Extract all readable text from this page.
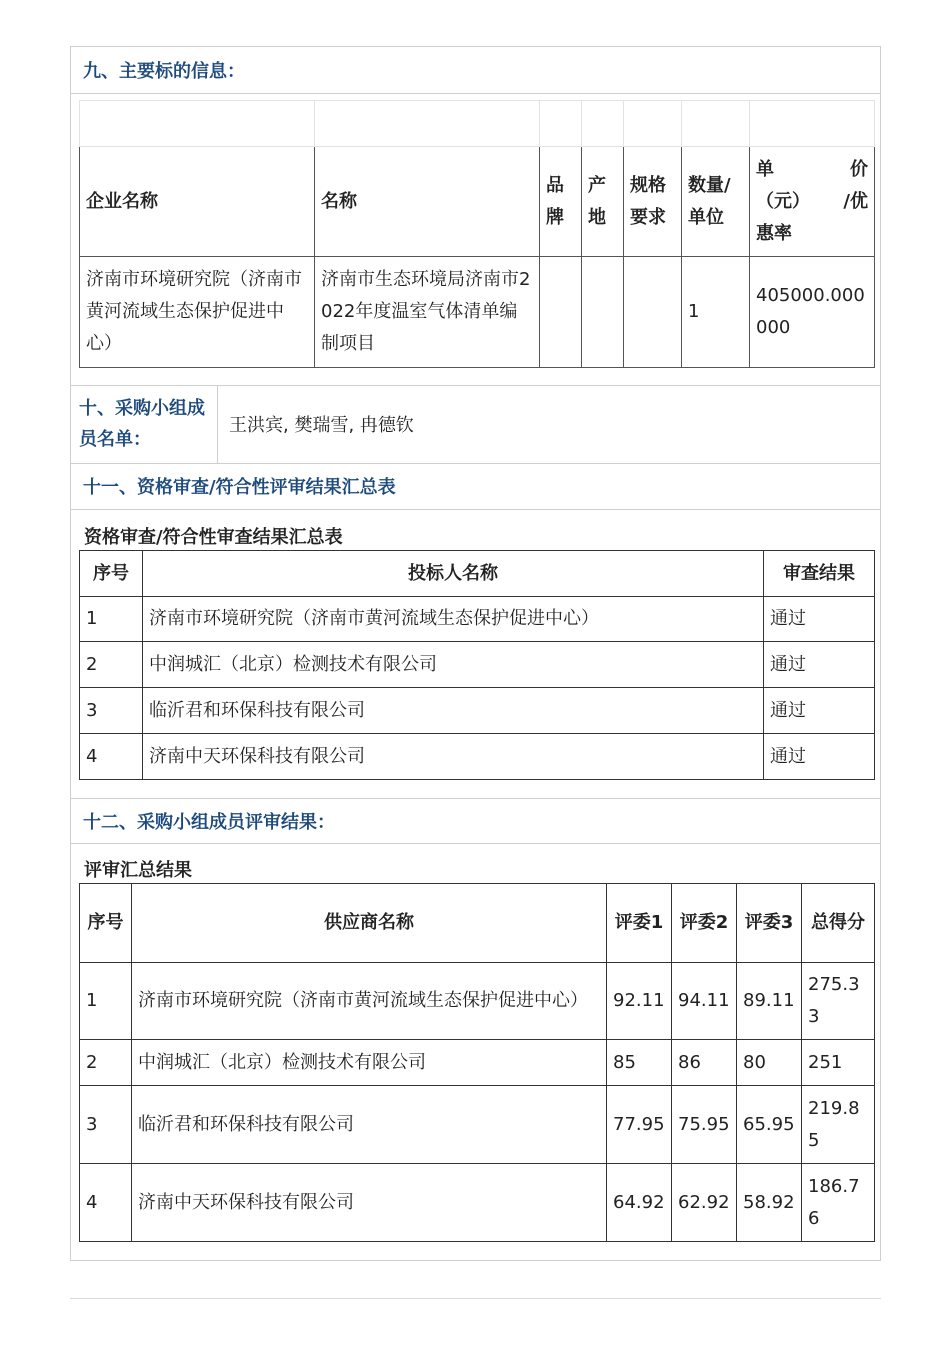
九、主要标的信息：

企业名称	名称	品牌	产地	规格要求	数量/单位	单 价
（元） /优
惠率

济南市环境研究院（济南市黄河流域生态保护促进中心）	济南市生态环境局济南市2022年度温室气体清单编制项目				1	405000.000000
十、采购小组成员名单：
王洪宾, 樊瑞雪, 冉德钦
十一、资格审查/符合性评审结果汇总表
资格审查/符合性审查结果汇总表
序号	投标人名称	审查结果
1	济南市环境研究院（济南市黄河流域生态保护促进中心）	通过
2	中润城汇（北京）检测技术有限公司	通过
3	临沂君和环保科技有限公司	通过
4	济南中天环保科技有限公司	通过
十二、采购小组成员评审结果：
评审汇总结果
序号	供应商名称	评委1	评委2	评委3	总得分
1	济南市环境研究院（济南市黄河流域生态保护促进中心）	92.11	94.11	89.11	275.33
2	中润城汇（北京）检测技术有限公司	85	86	80	251
3	临沂君和环保科技有限公司	77.95	75.95	65.95	219.85
4	济南中天环保科技有限公司	64.92	62.92	58.92	186.76
